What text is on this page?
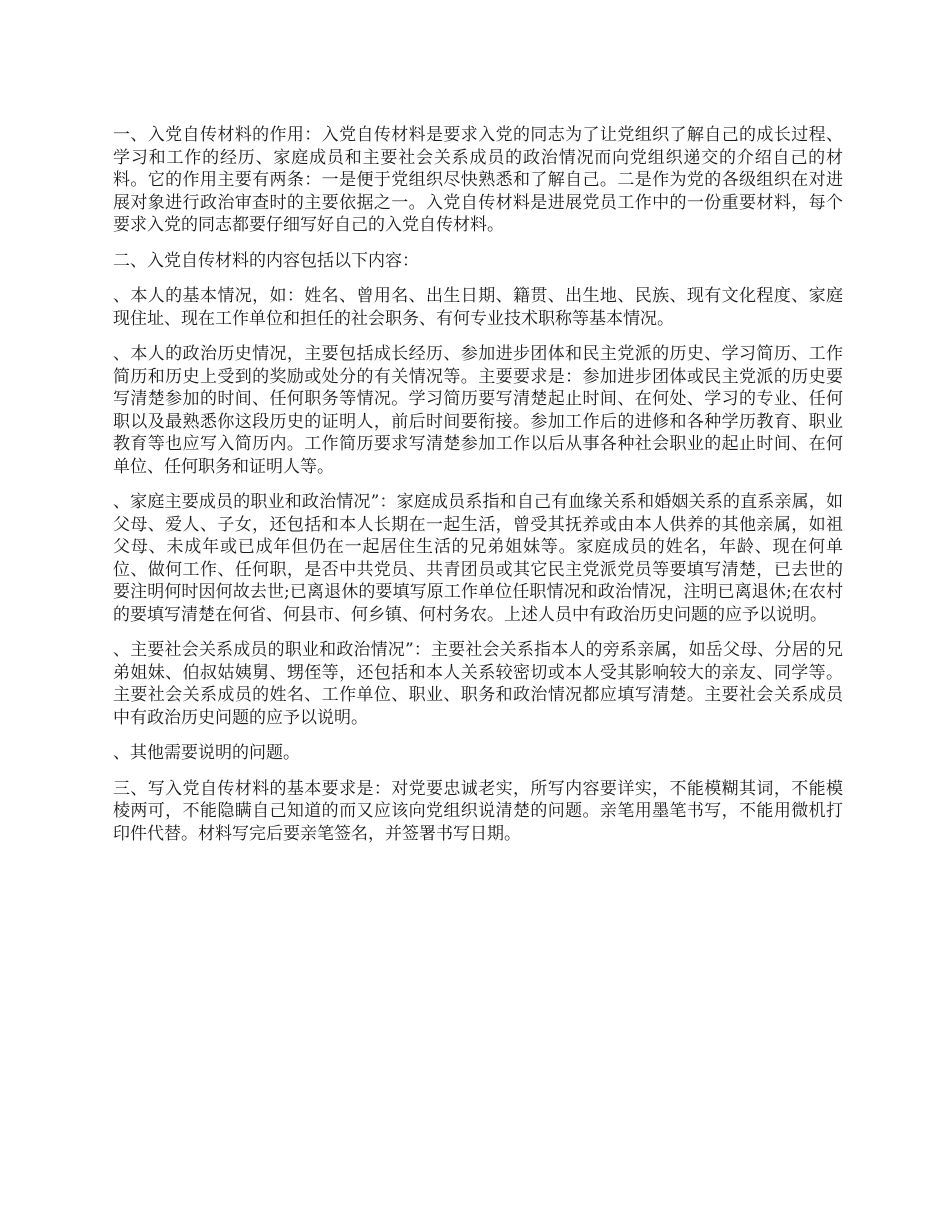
一、入党自传材料的作用：入党自传材料是要求入党的同志为了让党组织了解自己的成长过程、学习和工作的经历、家庭成员和主要社会关系成员的政治情况而向党组织递交的介绍自己的材料。它的作用主要有两条：一是便于党组织尽快熟悉和了解自己。二是作为党的各级组织在对进展对象进行政治审查时的主要依据之一。入党自传材料是进展党员工作中的一份重要材料，每个要求入党的同志都要仔细写好自己的入党自传材料。

二、入党自传材料的内容包括以下内容：

、本人的基本情况，如：姓名、曾用名、出生日期、籍贯、出生地、民族、现有文化程度、家庭现住址、现在工作单位和担任的社会职务、有何专业技术职称等基本情况。

、本人的政治历史情况，主要包括成长经历、参加进步团体和民主党派的历史、学习简历、工作简历和历史上受到的奖励或处分的有关情况等。主要要求是：参加进步团体或民主党派的历史要写清楚参加的时间、任何职务等情况。学习简历要写清楚起止时间、在何处、学习的专业、任何职以及最熟悉你这段历史的证明人，前后时间要衔接。参加工作后的进修和各种学历教育、职业教育等也应写入简历内。工作简历要求写清楚参加工作以后从事各种社会职业的起止时间、在何单位、任何职务和证明人等。

、家庭主要成员的职业和政治情况”：家庭成员系指和自己有血缘关系和婚姻关系的直系亲属，如父母、爱人、子女，还包括和本人长期在一起生活，曾受其抚养或由本人供养的其他亲属，如祖父母、未成年或已成年但仍在一起居住生活的兄弟姐妹等。家庭成员的姓名，年龄、现在何单位、做何工作、任何职，是否中共党员、共青团员或其它民主党派党员等要填写清楚，已去世的要注明何时因何故去世;已离退休的要填写原工作单位任职情况和政治情况，注明已离退休;在农村的要填写清楚在何省、何县市、何乡镇、何村务农。上述人员中有政治历史问题的应予以说明。

、主要社会关系成员的职业和政治情况”：主要社会关系指本人的旁系亲属，如岳父母、分居的兄弟姐妹、伯叔姑姨舅、甥侄等，还包括和本人关系较密切或本人受其影响较大的亲友、同学等。主要社会关系成员的姓名、工作单位、职业、职务和政治情况都应填写清楚。主要社会关系成员中有政治历史问题的应予以说明。

、其他需要说明的问题。

三、写入党自传材料的基本要求是：对党要忠诚老实，所写内容要详实，不能模糊其词，不能模棱两可，不能隐瞒自己知道的而又应该向党组织说清楚的问题。亲笔用墨笔书写，不能用微机打印件代替。材料写完后要亲笔签名，并签署书写日期。
